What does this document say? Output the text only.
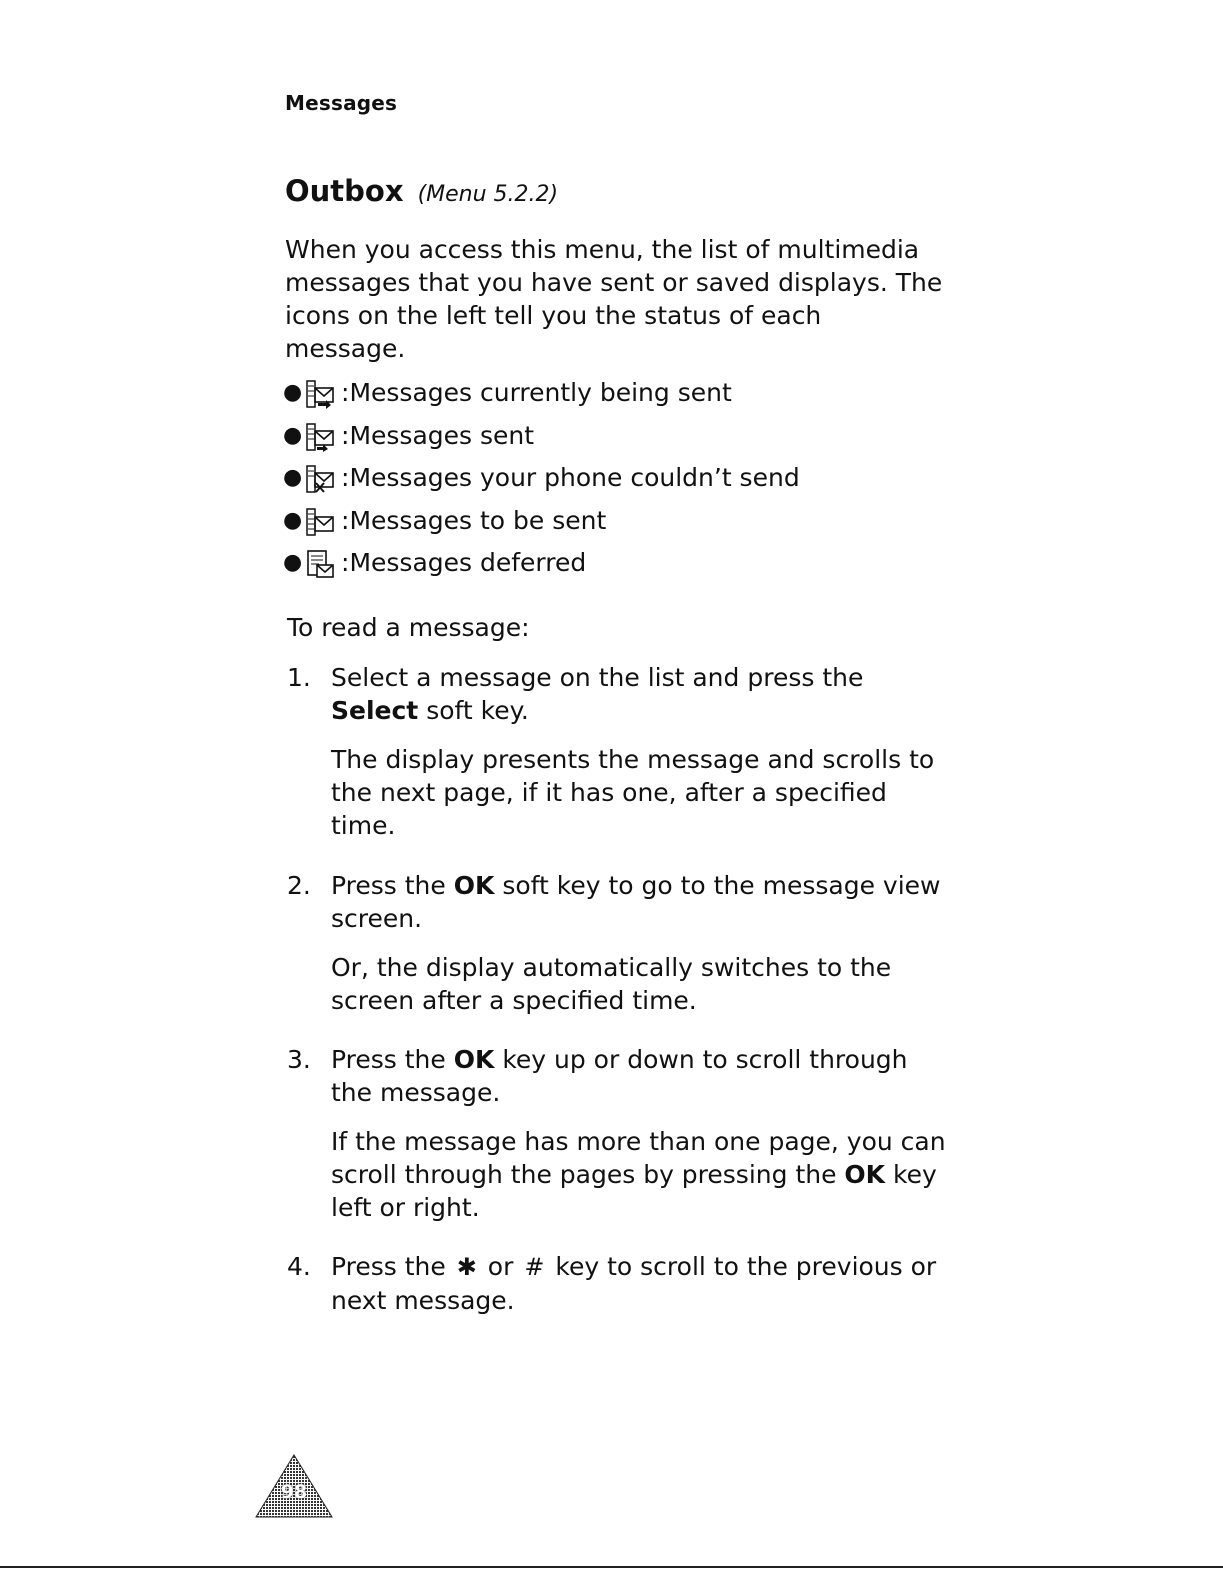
Messages
Outbox (Menu 5.2.2)
When you access this menu, the list of multimedia messages that you have sent or saved displays. The icons on the left tell you the status of each message.
● : Messages currently being sent
● : Messages sent
● : Messages your phone couldn’t send
● : Messages to be sent
● : Messages deferred
To read a message:
1. Select a message on the list and press the Select soft key.
The display presents the message and scrolls to the next page, if it has one, after a specified time.
2. Press the OK soft key to go to the message view screen.
Or, the display automatically switches to the screen after a specified time.
3. Press the OK key up or down to scroll through the message.
If the message has more than one page, you can scroll through the pages by pressing the OK key left or right.
4. Press the ✱ or # key to scroll to the previous or next message.
98
